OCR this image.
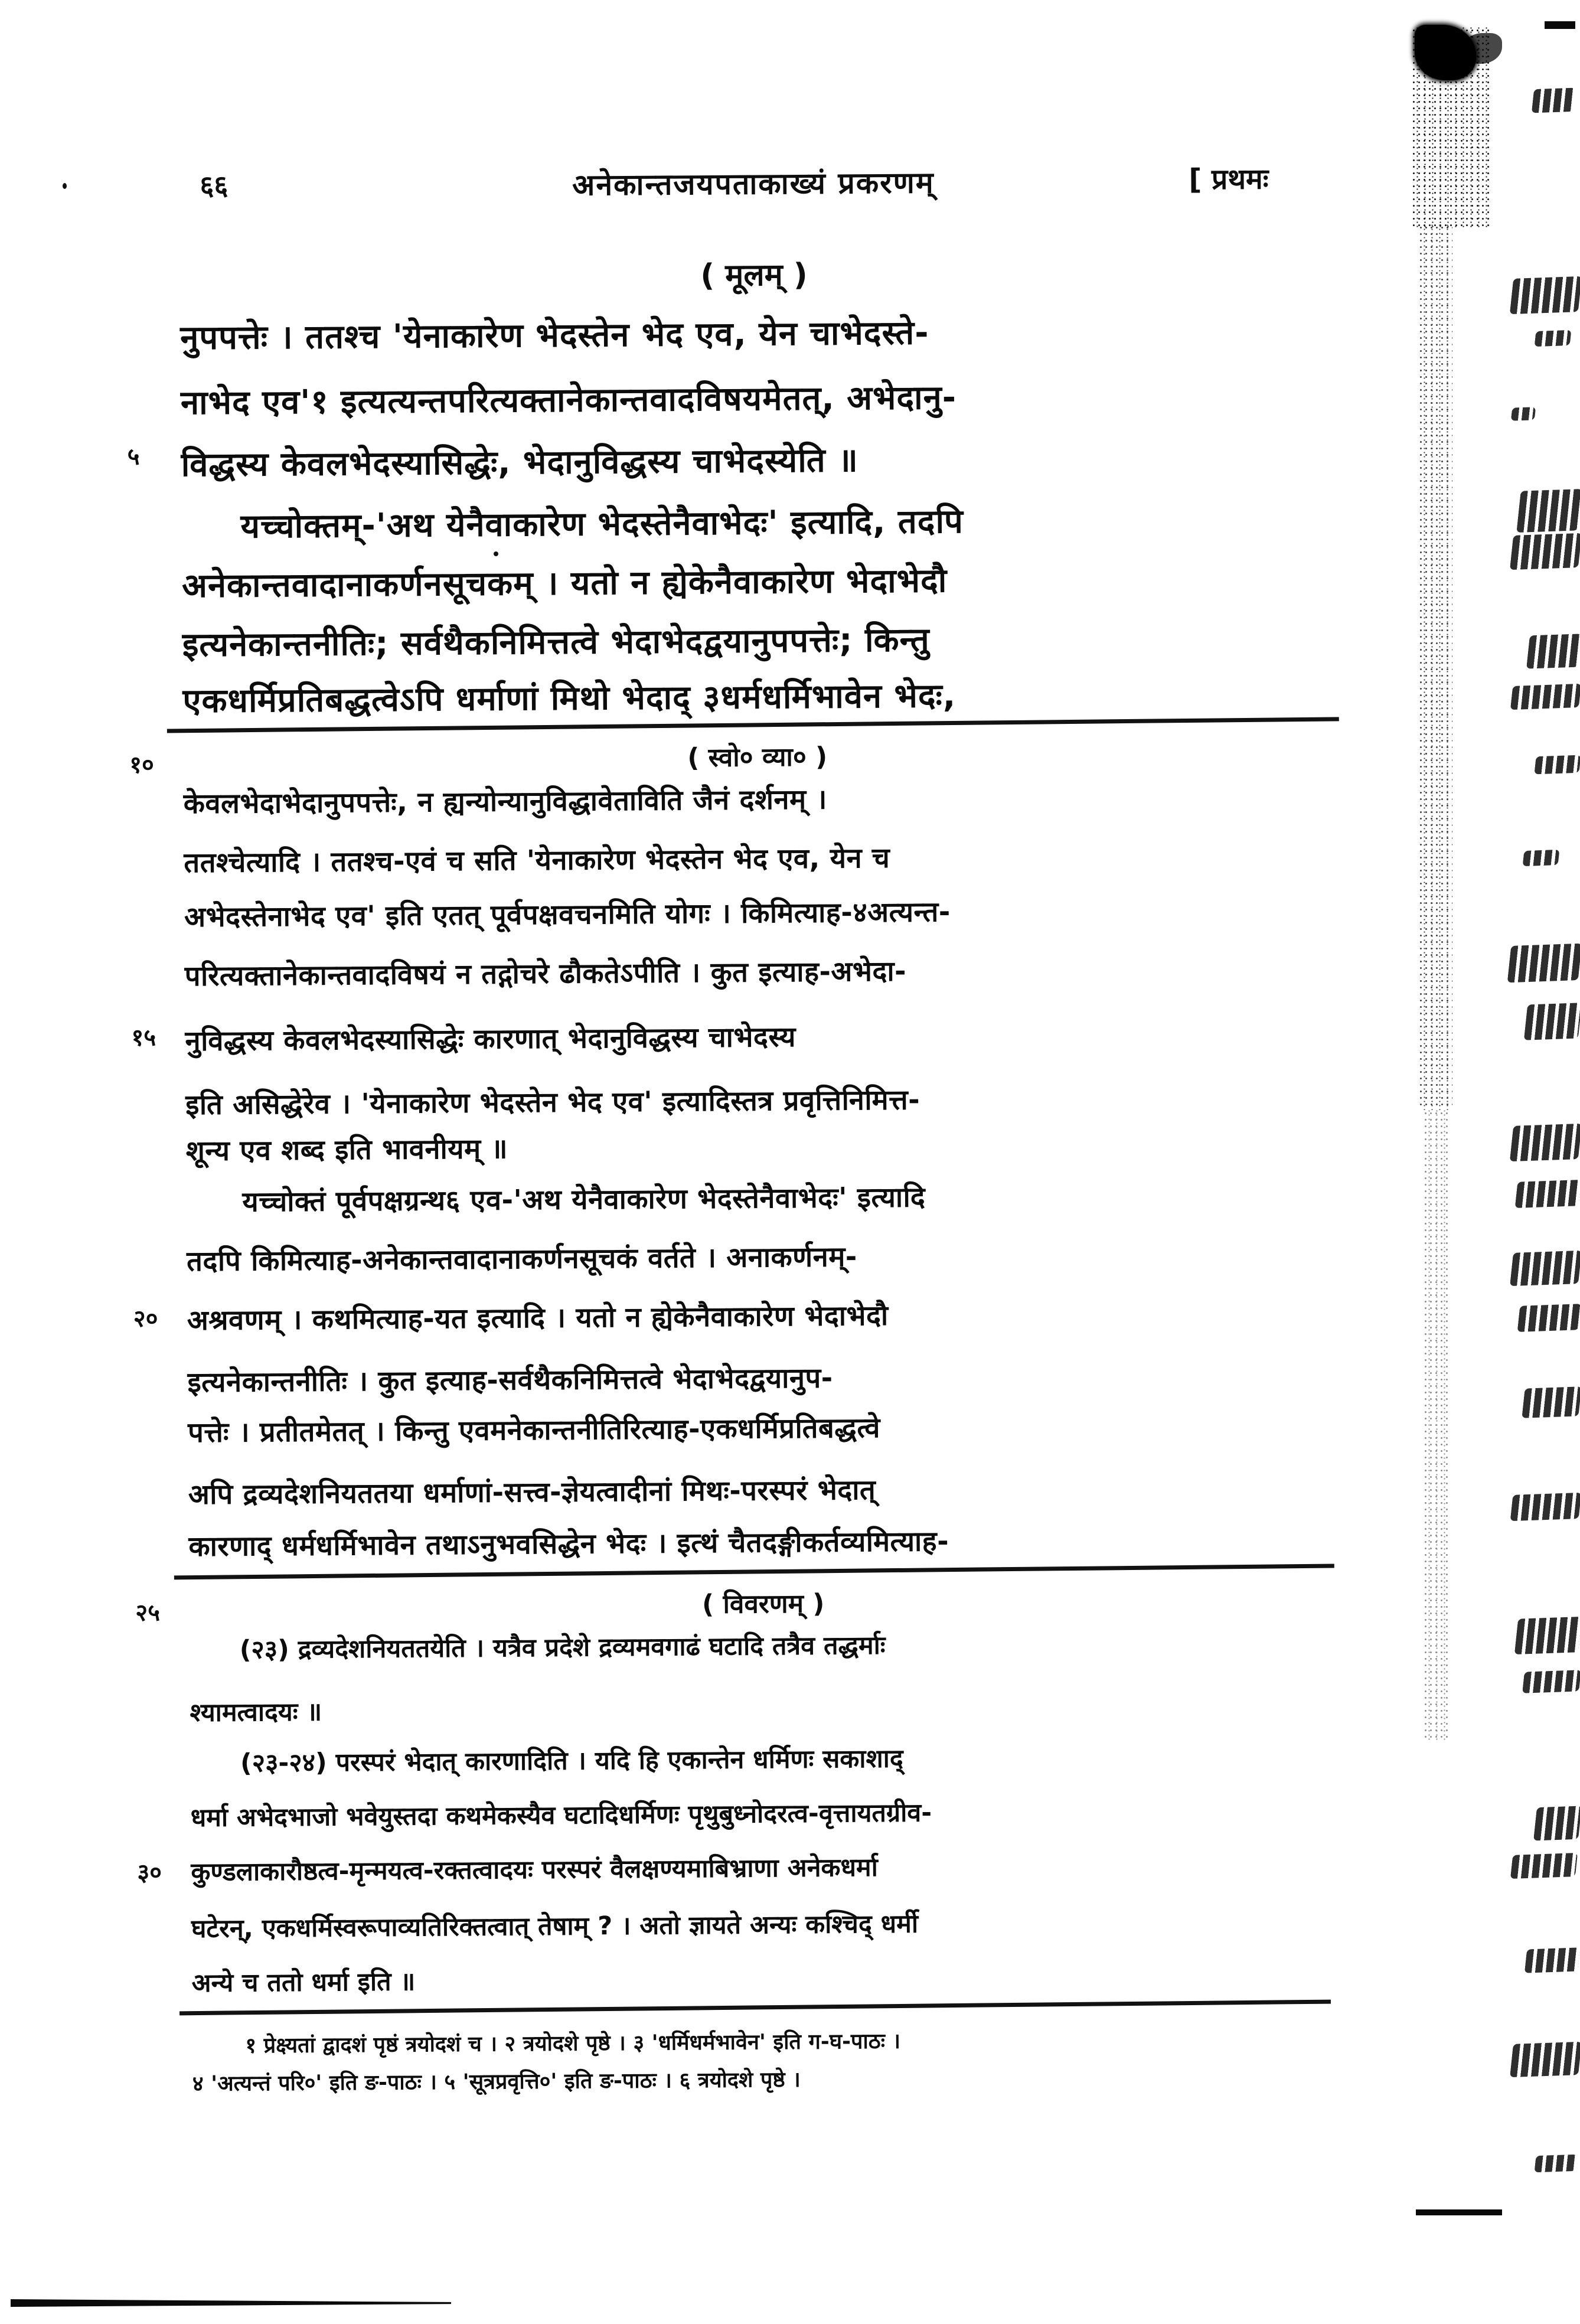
६६	अनेकान्तजयपताकाख्यं प्रकरणम्	[ प्रथमः
( मूलम् )
( स्वो० व्या० )
( विवरणम् )
५
१०
१५
२०
२५
३०
नुपपत्तेः । ततश्च 'येनाकारेण भेदस्तेन भेद एव, येन चाभेदस्ते-
नाभेद एव'१ इत्यत्यन्तपरित्यक्तानेकान्तवादविषयमेतत्, अभेदानु-
विद्धस्य केवलभेदस्यासिद्धेः, भेदानुविद्धस्य चाभेदस्येति ॥
यच्चोक्तम्-'अथ येनैवाकारेण भेदस्तेनैवाभेदः' इत्यादि, तदपि
अनेकान्तवादानाकर्णनसूचकम् । यतो न ह्येकेनैवाकारेण भेदाभेदौ
इत्यनेकान्तनीतिः; सर्वथैकनिमित्तत्वे भेदाभेदद्वयानुपपत्तेः; किन्तु
एकधर्मिप्रतिबद्धत्वेऽपि धर्माणां मिथो भेदाद् ३धर्मधर्मिभावेन भेदः,
केवलभेदाभेदानुपपत्तेः, न ह्यन्योन्यानुविद्धावेताविति जैनं दर्शनम् ।
ततश्चेत्यादि । ततश्च-एवं च सति 'येनाकारेण भेदस्तेन भेद एव, येन च
अभेदस्तेनाभेद एव' इति एतत् पूर्वपक्षवचनमिति योगः । किमित्याह-४अत्यन्त-
परित्यक्तानेकान्तवादविषयं न तद्गोचरे ढौकतेऽपीति । कुत इत्याह-अभेदा-
नुविद्धस्य केवलभेदस्यासिद्धेः कारणात् भेदानुविद्धस्य चाभेदस्य
इति असिद्धेरेव । 'येनाकारेण भेदस्तेन भेद एव' इत्यादिस्तत्र प्रवृत्तिनिमित्त-
शून्य एव शब्द इति भावनीयम् ॥
यच्चोक्तं पूर्वपक्षग्रन्थ६ एव-'अथ येनैवाकारेण भेदस्तेनैवाभेदः' इत्यादि
तदपि किमित्याह-अनेकान्तवादानाकर्णनसूचकं वर्तते । अनाकर्णनम्-
अश्रवणम् । कथमित्याह-यत इत्यादि । यतो न ह्येकेनैवाकारेण भेदाभेदौ
इत्यनेकान्तनीतिः । कुत इत्याह-सर्वथैकनिमित्तत्वे भेदाभेदद्वयानुप-
पत्तेः । प्रतीतमेतत् । किन्तु एवमनेकान्तनीतिरित्याह-एकधर्मिप्रतिबद्धत्वे
अपि द्रव्यदेशनियततया धर्माणां-सत्त्व-ज्ञेयत्वादीनां मिथः-परस्परं भेदात्
कारणाद् धर्मधर्मिभावेन तथाऽनुभवसिद्धेन भेदः । इत्थं चैतदङ्गीकर्तव्यमित्याह-
(२३) द्रव्यदेशनियततयेति । यत्रैव प्रदेशे द्रव्यमवगाढं घटादि तत्रैव तद्धर्माः
श्यामत्वादयः ॥
(२३-२४) परस्परं भेदात् कारणादिति । यदि हि एकान्तेन धर्मिणः सकाशाद्
धर्मा अभेदभाजो भवेयुस्तदा कथमेकस्यैव घटादिधर्मिणः पृथुबुध्नोदरत्व-वृत्तायतग्रीव-
कुण्डलाकारौष्ठत्व-मृन्मयत्व-रक्तत्वादयः परस्परं वैलक्षण्यमाबिभ्राणा अनेकधर्मा
घटेरन्, एकधर्मिस्वरूपाव्यतिरिक्तत्वात् तेषाम् ? । अतो ज्ञायते अन्यः कश्चिद् धर्मी
अन्ये च ततो धर्मा इति ॥
१ प्रेक्ष्यतां द्वादशं पृष्ठं त्रयोदशं च । २ त्रयोदशे पृष्ठे । ३ 'धर्मिधर्मभावेन' इति ग-घ-पाठः ।
४ 'अत्यन्तं परि०' इति ङ-पाठः । ५ 'सूत्रप्रवृत्ति०' इति ङ-पाठः । ६ त्रयोदशे पृष्ठे ।
